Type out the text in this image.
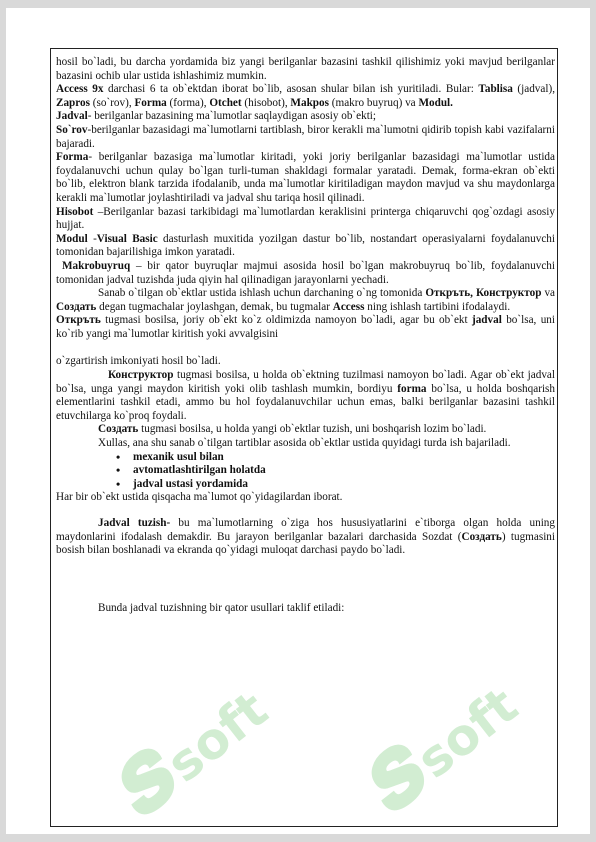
𝒔soft 𝒔soft

hosil bo`ladi, bu darcha yordamida biz yangi berilganlar bazasini tashkil qilishimiz yoki mavjud berilganlar bazasini ochib ular ustida ishlashimiz mumkin.

Access 9x darchasi 6 ta ob`ektdan iborat bo`lib, asosan shular bilan ish yuritiladi. Bular: Tablisa (jadval), Zapros (so`rov), Forma (forma), Otchet (hisobot), Makpos (makro buyruq) va Modul.

Jadval- berilganlar bazasining ma`lumotlar saqlaydigan asosiy ob`ekti;

So`rov-berilganlar bazasidagi ma`lumotlarni tartiblash, biror kerakli ma`lumotni qidirib topish kabi vazifalarni bajaradi.

Forma- berilganlar bazasiga ma`lumotlar kiritadi, yoki joriy berilganlar bazasidagi ma`lumotlar ustida foydalanuvchi uchun qulay bo`lgan turli-tuman shakldagi formalar yaratadi. Demak, forma-ekran ob`ekti bo`lib, elektron blank tarzida ifodalanib, unda ma`lumotlar kiritiladigan maydon mavjud va shu maydonlarga kerakli ma`lumotlar joylashtiriladi va jadval shu tariqa hosil qilinadi.

Hisobot –Berilganlar bazasi tarkibidagi ma`lumotlardan keraklisini printerga chiqaruvchi qog`ozdagi asosiy hujjat.

Modul -Visual Basic dasturlash muxitida yozilgan dastur bo`lib, nostandart operasiyalarni foydalanuvchi tomonidan bajarilishiga imkon yaratadi.

Makrobuyruq – bir qator buyruqlar majmui asosida hosil bo`lgan makrobuyruq bo`lib, foydalanuvchi tomonidan jadval tuzishda juda qiyin hal qilinadigan jarayonlarni yechadi.

Sanab o`tilgan ob`ektlar ustida ishlash uchun darchaning o`ng tomonida Откръть, Конструктор va Создать degan tugmachalar joylashgan, demak, bu tugmalar Access ning ishlash tartibini ifodalaydi.

Откръть tugmasi bosilsa, joriy ob`ekt ko`z oldimizda namoyon bo`ladi, agar bu ob`ekt jadval bo`lsa, uni ko`rib yangi ma`lumotlar kiritish yoki avvalgisini

o`zgartirish imkoniyati hosil bo`ladi.

Конструктор tugmasi bosilsa, u holda ob`ektning tuzilmasi namoyon bo`ladi. Agar ob`ekt jadval bo`lsa, unga yangi maydon kiritish yoki olib tashlash mumkin, bordiyu forma bo`lsa, u holda boshqarish elementlarini tashkil etadi, ammo bu hol foydalanuvchilar uchun emas, balki berilganlar bazasini tashkil etuvchilarga ko`proq foydali.

Создать tugmasi bosilsa, u holda yangi ob`ektlar tuzish, uni boshqarish lozim bo`ladi.

Xullas, ana shu sanab o`tilgan tartiblar asosida ob`ektlar ustida quyidagi turda ish bajariladi.

• mexanik usul bilan
• avtomatlashtirilgan holatda
• jadval ustasi yordamida

Har bir ob`ekt ustida qisqacha ma`lumot qo`yidagilardan iborat.

Jadval tuzish- bu ma`lumotlarning o`ziga hos hususiyatlarini e`tiborga olgan holda uning maydonlarini ifodalash demakdir. Bu jarayon berilganlar bazalari darchasida Sozdat (Создать) tugmasini bosish bilan boshlanadi va ekranda qo`yidagi muloqat darchasi paydo bo`ladi.

Bunda jadval tuzishning bir qator usullari taklif etiladi:
